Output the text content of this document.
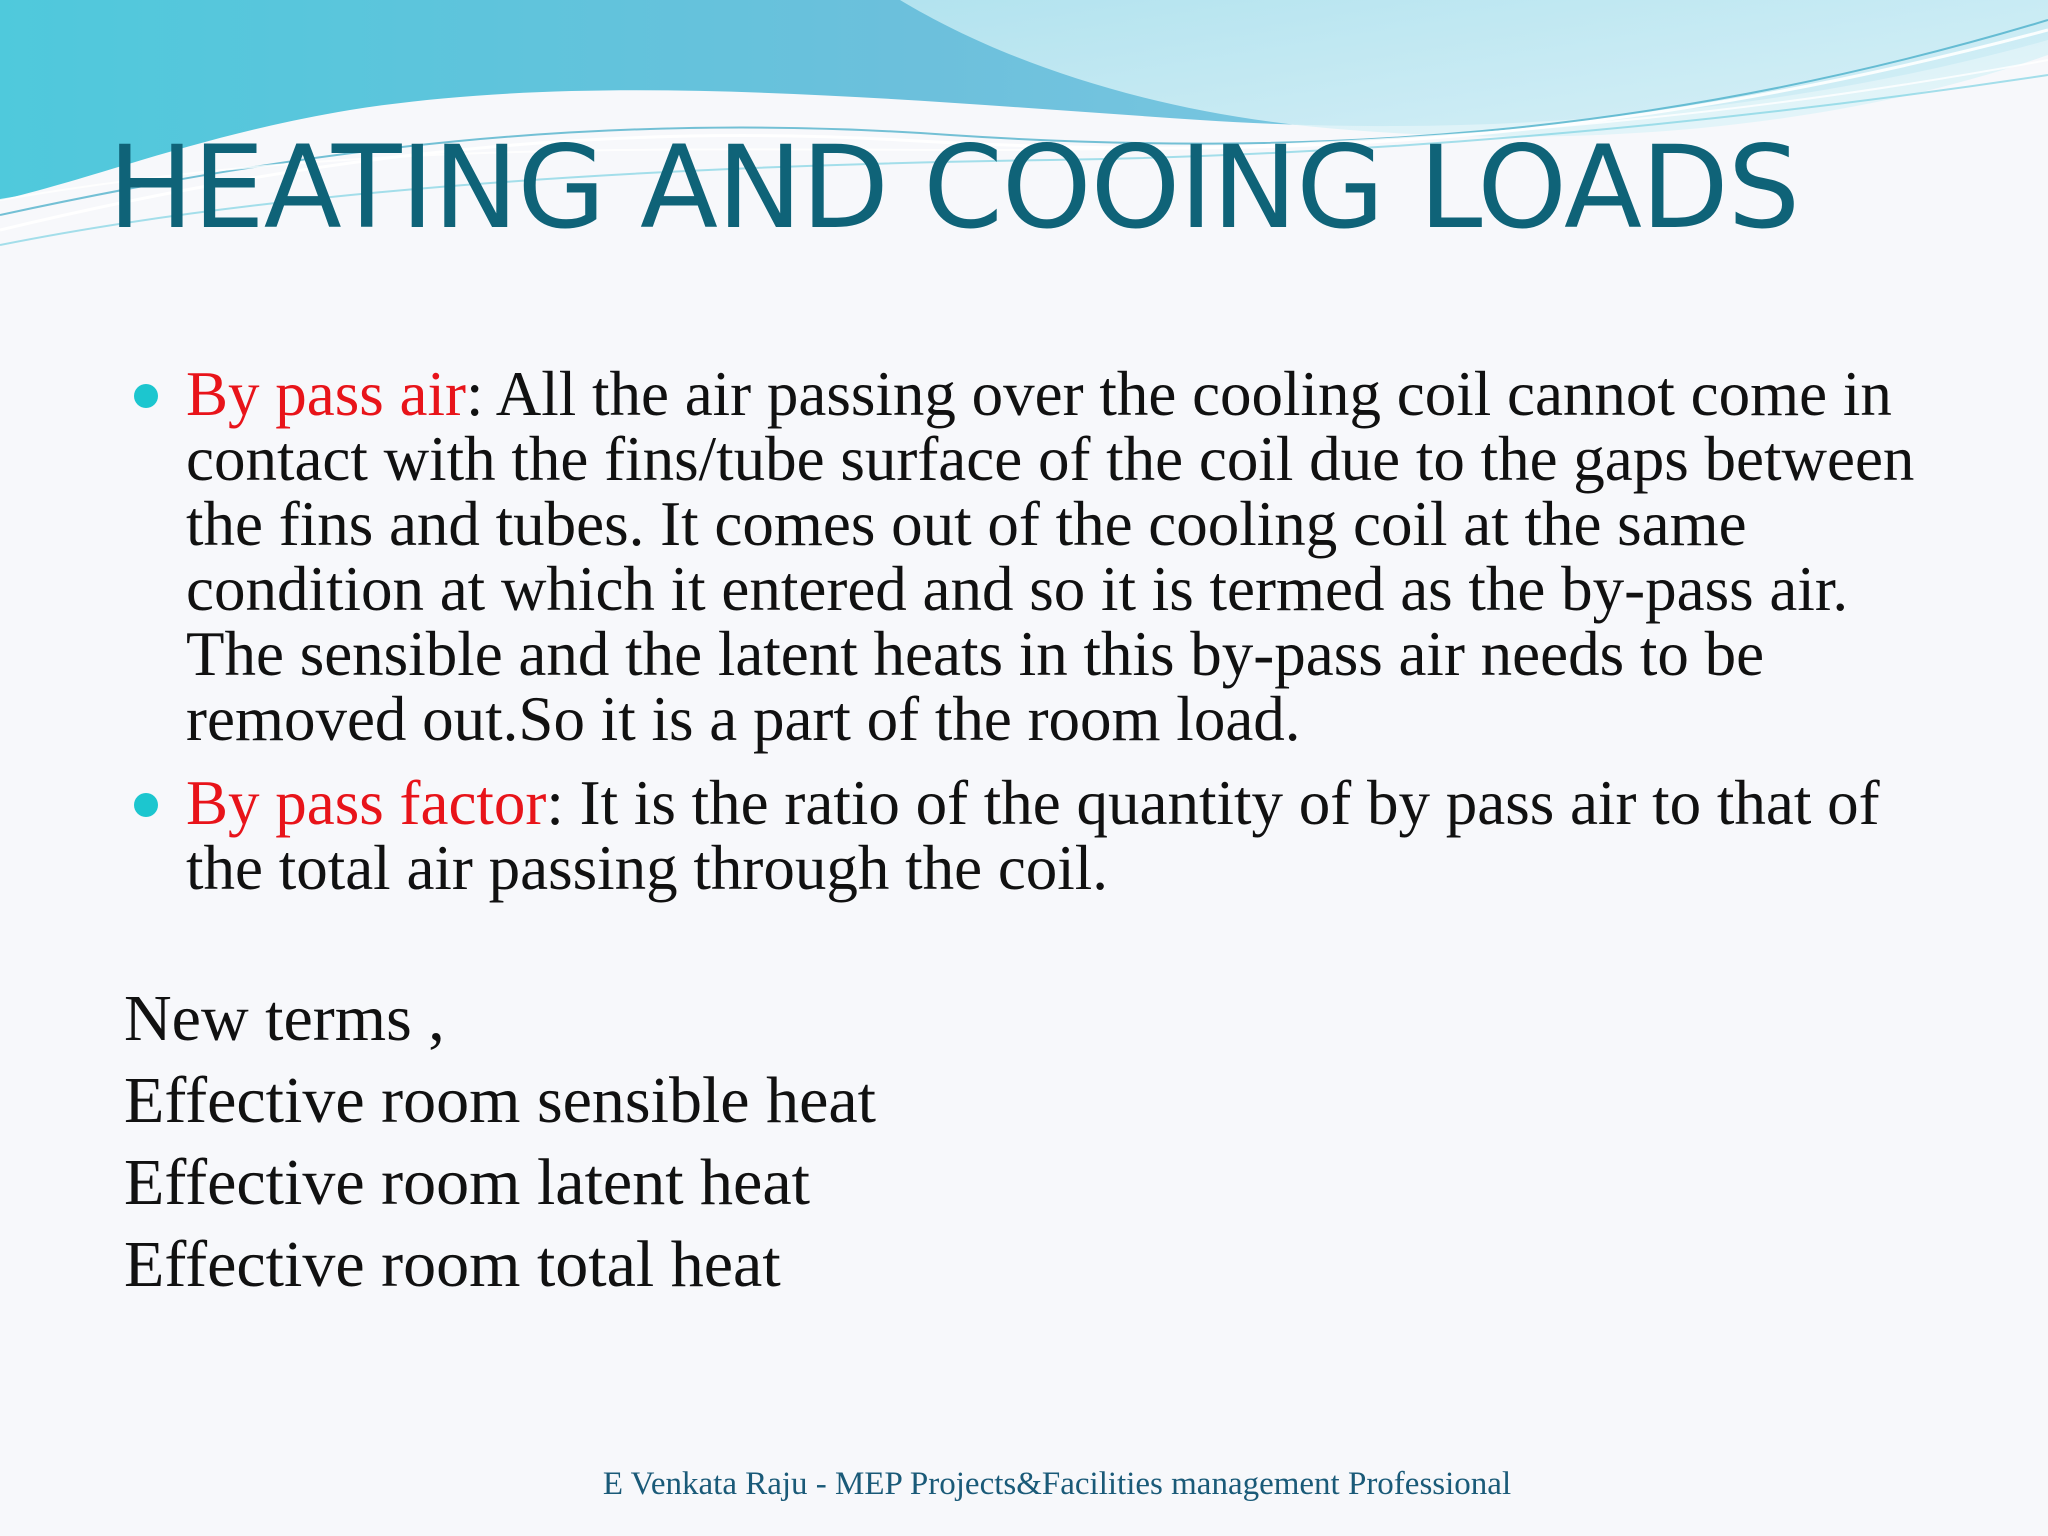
HEATING AND COOING LOADS
By pass air: All the air passing over the cooling coil cannot come in contact with the fins/tube surface of the coil due to the gaps between the fins and tubes. It comes out of the cooling coil at the same condition at which it entered and so it is termed as the by-pass air. The sensible and the latent heats in this by-pass air needs to be removed out.So it is a part of the room load.
By pass factor: It is the ratio of the quantity of by pass air to that of the total air passing through the coil.
New terms ,
Effective room sensible heat
Effective room latent heat
Effective room total heat
E Venkata Raju - MEP Projects&Facilities management Professional
